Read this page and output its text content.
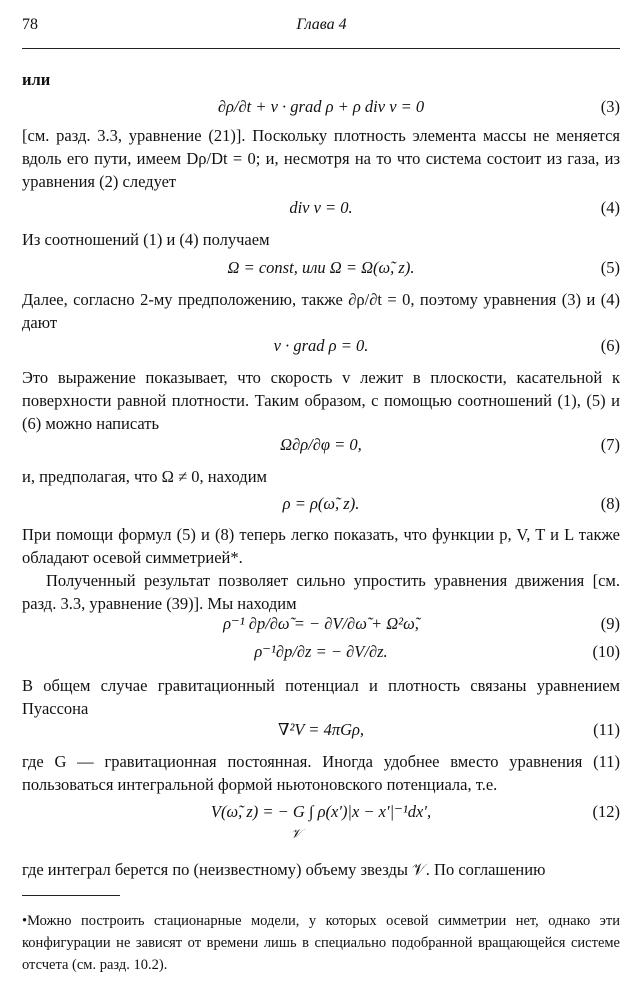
78	Глава 4
или
∂ρ/∂t + v · grad ρ + ρ div v = 0	(3)
[см. разд. 3.3, уравнение (21)]. Поскольку плотность элемента массы не меняется вдоль его пути, имеем Dρ/Dt = 0; и, несмотря на то что система состоит из газа, из уравнения (2) следует
div v = 0.	(4)
Из соотношений (1) и (4) получаем
Ω = const, или Ω = Ω(ω̃, z).	(5)
Далее, согласно 2-му предположению, также ∂ρ/∂t = 0, поэтому уравнения (3) и (4) дают
v · grad ρ = 0.	(6)
Это выражение показывает, что скорость v лежит в плоскости, касательной к поверхности равной плотности. Таким образом, с помощью соотношений (1), (5) и (6) можно написать
Ω∂ρ/∂φ = 0,	(7)
и, предполагая, что Ω ≠ 0, находим
ρ = ρ(ω̃, z).	(8)
При помощи формул (5) и (8) теперь легко показать, что функции p, V, T и L также обладают осевой симметрией*.
Полученный результат позволяет сильно упростить уравнения движения [см. разд. 3.3, уравнение (39)]. Мы находим
ρ⁻¹ ∂p/∂ω̃ = − ∂V/∂ω̃ + Ω²ω̃,	(9)
ρ⁻¹∂p/∂z = − ∂V/∂z.	(10)
В общем случае гравитационный потенциал и плотность связаны уравнением Пуассона
∇²V = 4πGρ,	(11)
где G — гравитационная постоянная. Иногда удобнее вместо уравнения (11) пользоваться интегральной формой ньютоновского потенциала, т.е.
V(ω̃, z) = − G ∫ ρ(x′)|x − x′|⁻¹dx′,
𝒱
(12)
где интеграл берется по (неизвестному) объему звезды 𝒱. По соглашению
•Можно построить стационарные модели, у которых осевой симметрии нет, однако эти конфигурации не зависят от времени лишь в специально подобранной вращающейся системе отсчета (см. разд. 10.2).
